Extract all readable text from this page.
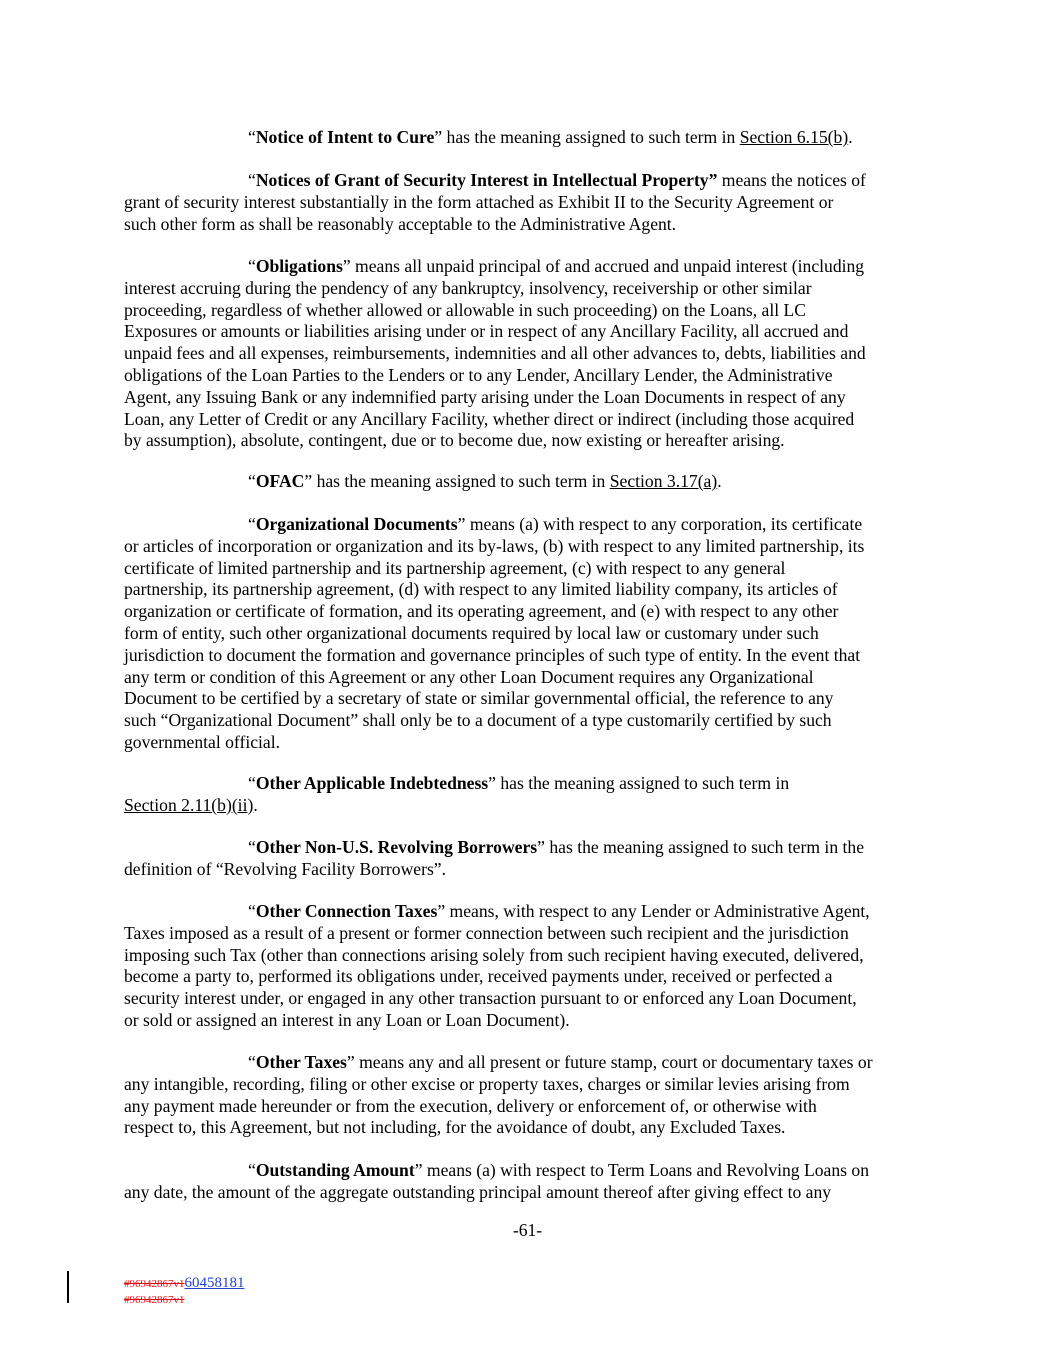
“Notice of Intent to Cure” has the meaning assigned to such term in Section 6.15(b).
“Notices of Grant of Security Interest in Intellectual Property” means the notices of
grant of security interest substantially in the form attached as Exhibit II to the Security Agreement or
such other form as shall be reasonably acceptable to the Administrative Agent.
“Obligations” means all unpaid principal of and accrued and unpaid interest (including
interest accruing during the pendency of any bankruptcy, insolvency, receivership or other similar
proceeding, regardless of whether allowed or allowable in such proceeding) on the Loans, all LC
Exposures or amounts or liabilities arising under or in respect of any Ancillary Facility, all accrued and
unpaid fees and all expenses, reimbursements, indemnities and all other advances to, debts, liabilities and
obligations of the Loan Parties to the Lenders or to any Lender, Ancillary Lender, the Administrative
Agent, any Issuing Bank or any indemnified party arising under the Loan Documents in respect of any
Loan, any Letter of Credit or any Ancillary Facility, whether direct or indirect (including those acquired
by assumption), absolute, contingent, due or to become due, now existing or hereafter arising.
“OFAC” has the meaning assigned to such term in Section 3.17(a).
“Organizational Documents” means (a) with respect to any corporation, its certificate
or articles of incorporation or organization and its by-laws, (b) with respect to any limited partnership, its
certificate of limited partnership and its partnership agreement, (c) with respect to any general
partnership, its partnership agreement, (d) with respect to any limited liability company, its articles of
organization or certificate of formation, and its operating agreement, and (e) with respect to any other
form of entity, such other organizational documents required by local law or customary under such
jurisdiction to document the formation and governance principles of such type of entity. In the event that
any term or condition of this Agreement or any other Loan Document requires any Organizational
Document to be certified by a secretary of state or similar governmental official, the reference to any
such “Organizational Document” shall only be to a document of a type customarily certified by such
governmental official.
“Other Applicable Indebtedness” has the meaning assigned to such term in
Section 2.11(b)(ii).
“Other Non-U.S. Revolving Borrowers” has the meaning assigned to such term in the
definition of “Revolving Facility Borrowers”.
“Other Connection Taxes” means, with respect to any Lender or Administrative Agent,
Taxes imposed as a result of a present or former connection between such recipient and the jurisdiction
imposing such Tax (other than connections arising solely from such recipient having executed, delivered,
become a party to, performed its obligations under, received payments under, received or perfected a
security interest under, or engaged in any other transaction pursuant to or enforced any Loan Document,
or sold or assigned an interest in any Loan or Loan Document).
“Other Taxes” means any and all present or future stamp, court or documentary taxes or
any intangible, recording, filing or other excise or property taxes, charges or similar levies arising from
any payment made hereunder or from the execution, delivery or enforcement of, or otherwise with
respect to, this Agreement, but not including, for the avoidance of doubt, any Excluded Taxes.
“Outstanding Amount” means (a) with respect to Term Loans and Revolving Loans on
any date, the amount of the aggregate outstanding principal amount thereof after giving effect to any
-61-
#96942867v160458181
#96942867v1
